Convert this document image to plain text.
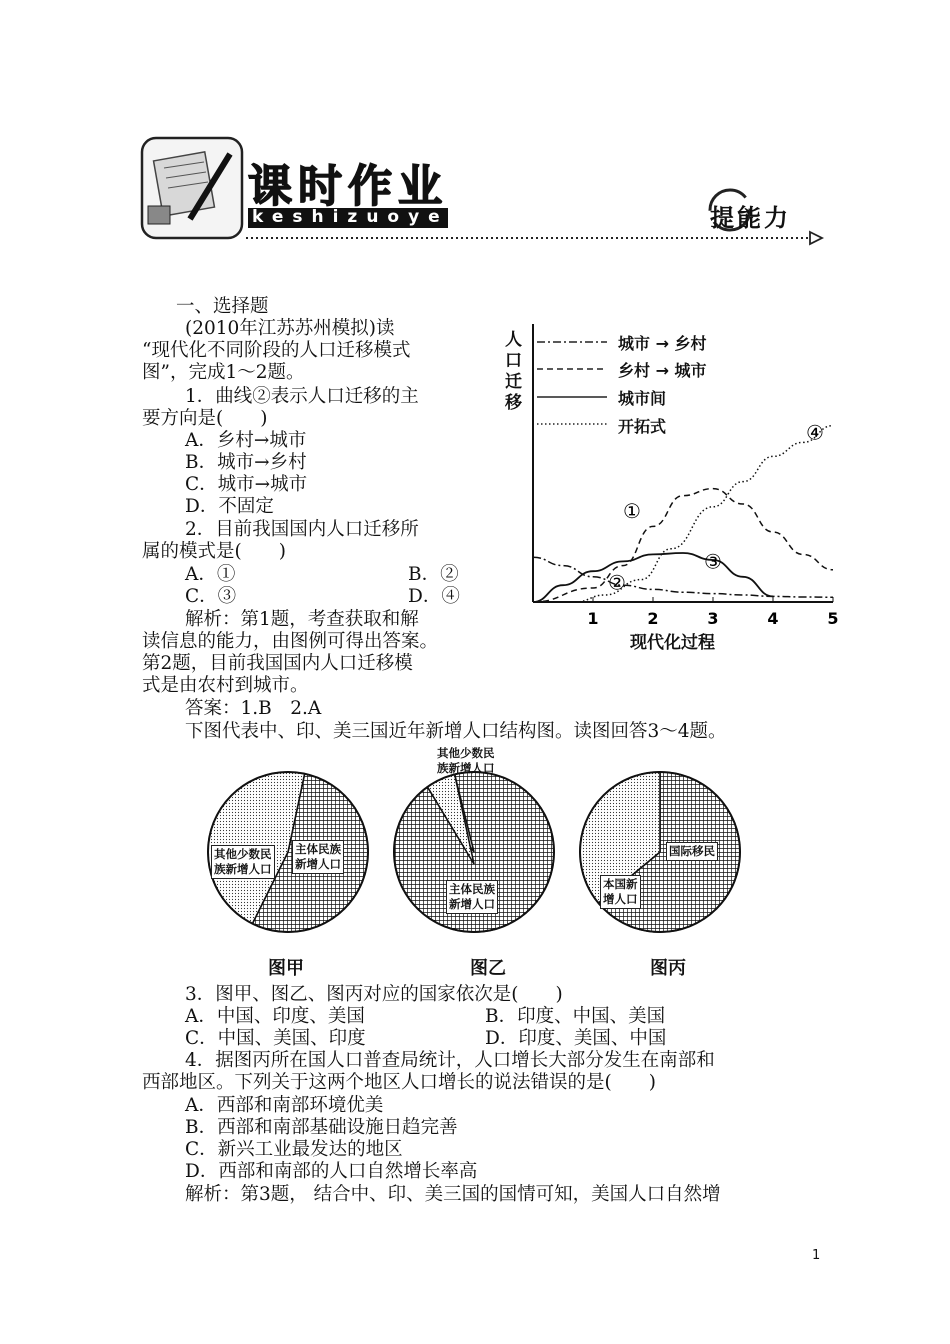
课时作业
keshizuoye	提能力
一、选择题
(2010年江苏苏州模拟)读
“现代化不同阶段的人口迁移模式
图”，完成1～2题。
1．曲线②表示人口迁移的主
要方向是(　　)
A．乡村→城市
B．城市→乡村
C．城市→城市
D．不固定
2．目前我国国内人口迁移所
属的模式是(　　)
A．①	B．②
C．③	D．④
解析：第1题，考查获取和解
读信息的能力，由图例可得出答案。
第2题，目前我国国内人口迁移模
式是由农村到城市。
答案：1.B　2.A
下图代表中、印、美三国近年新增人口结构图。读图回答3～4题。
①
②
③
④
1	2	3	4	5
人口迁移
城市 → 乡村
乡村 → 城市
城市间
开拓式
现代化过程
其他少数民
族新增人口
主体民族
新增人口
其他少数民
族新增人口
主体民族
新增人口
本国新
增人口
国际移民
图甲	图乙	图丙
3．图甲、图乙、图丙对应的国家依次是(　　)
A．中国、印度、美国	B．印度、中国、美国
C．中国、美国、印度	D．印度、美国、中国
4．据图丙所在国人口普查局统计，人口增长大部分发生在南部和
西部地区。下列关于这两个地区人口增长的说法错误的是(　　)
A．西部和南部环境优美
B．西部和南部基础设施日趋完善
C．新兴工业最发达的地区
D．西部和南部的人口自然增长率高
解析：第3题， 结合中、印、美三国的国情可知，美国人口自然增
1
